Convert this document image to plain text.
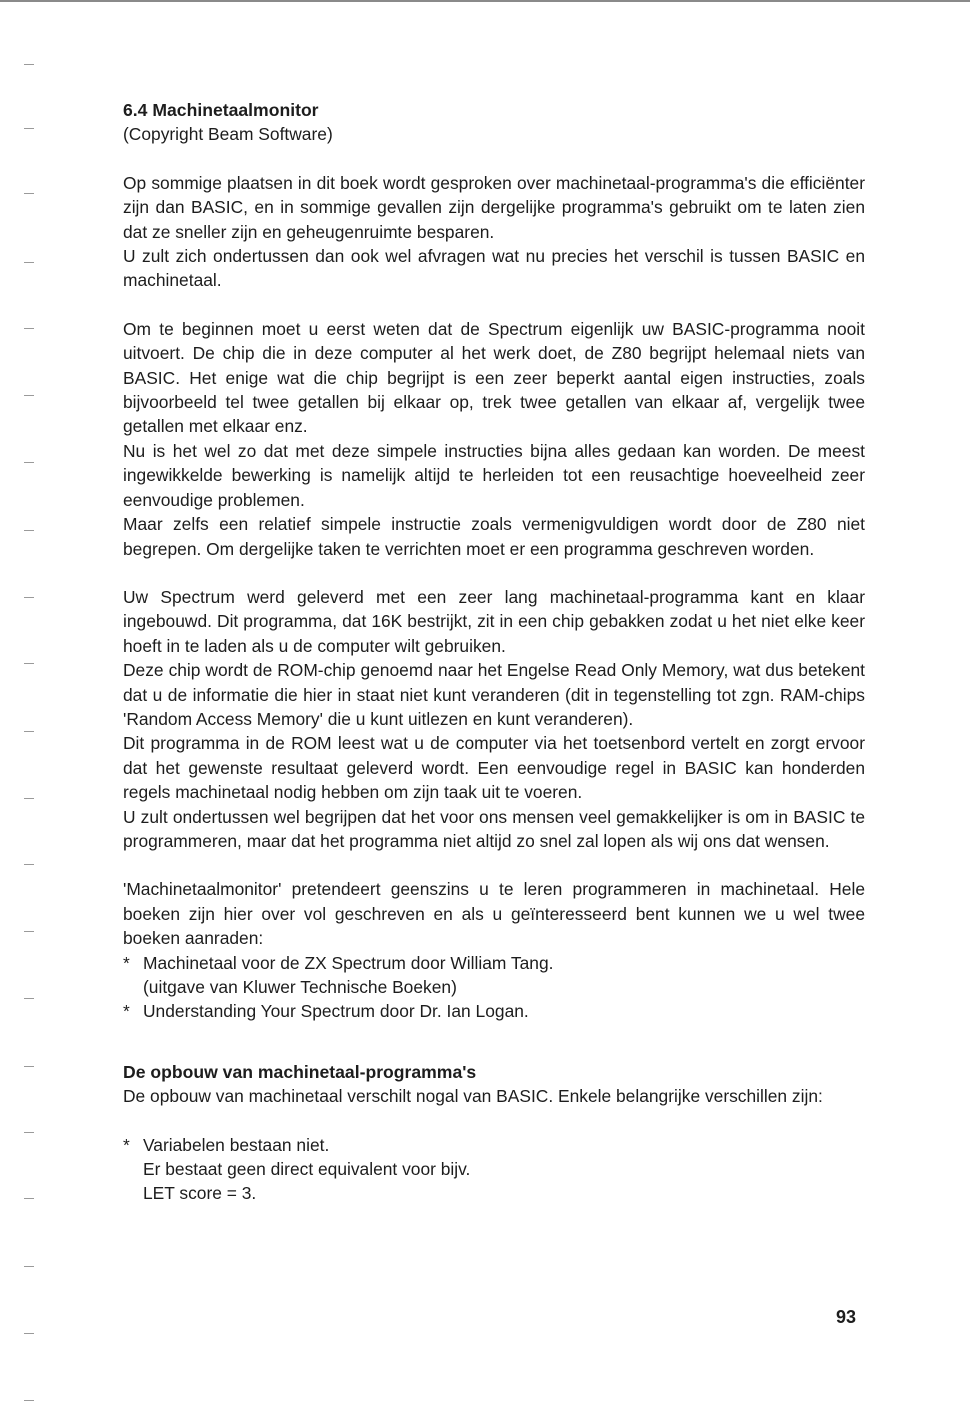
6.4 Machinetaalmonitor

(Copyright Beam Software)

Op sommige plaatsen in dit boek wordt gesproken over machinetaal-programma's die efficiënter zijn dan BASIC, en in sommige gevallen zijn dergelijke programma's gebruikt om te laten zien dat ze sneller zijn en geheugenruimte besparen.

U zult zich ondertussen dan ook wel afvragen wat nu precies het verschil is tussen BASIC en machinetaal.

Om te beginnen moet u eerst weten dat de Spectrum eigenlijk uw BASIC-programma nooit uitvoert. De chip die in deze computer al het werk doet, de Z80 begrijpt helemaal niets van BASIC. Het enige wat die chip begrijpt is een zeer beperkt aantal eigen instructies, zoals bijvoorbeeld tel twee getallen bij elkaar op, trek twee getallen van elkaar af, vergelijk twee getallen met elkaar enz.

Nu is het wel zo dat met deze simpele instructies bijna alles gedaan kan worden. De meest ingewikkelde bewerking is namelijk altijd te herleiden tot een reusachtige hoeveelheid zeer eenvoudige problemen.

Maar zelfs een relatief simpele instructie zoals vermenigvuldigen wordt door de Z80 niet begrepen. Om dergelijke taken te verrichten moet er een programma geschreven worden.

Uw Spectrum werd geleverd met een zeer lang machinetaal-programma kant en klaar ingebouwd. Dit programma, dat 16K bestrijkt, zit in een chip gebakken zodat u het niet elke keer hoeft in te laden als u de computer wilt gebruiken.

Deze chip wordt de ROM-chip genoemd naar het Engelse Read Only Memory, wat dus betekent dat u de informatie die hier in staat niet kunt veranderen (dit in tegenstelling tot zgn. RAM-chips 'Random Access Memory' die u kunt uitlezen en kunt veranderen).

Dit programma in de ROM leest wat u de computer via het toetsenbord vertelt en zorgt ervoor dat het gewenste resultaat geleverd wordt. Een eenvoudige regel in BASIC kan honderden regels machinetaal nodig hebben om zijn taak uit te voeren.

U zult ondertussen wel begrijpen dat het voor ons mensen veel gemakkelijker is om in BASIC te programmeren, maar dat het programma niet altijd zo snel zal lopen als wij ons dat wensen.

'Machinetaalmonitor' pretendeert geenszins u te leren programmeren in machinetaal. Hele boeken zijn hier over vol geschreven en als u geïnteresseerd bent kunnen we u wel twee boeken aanraden:

* Machinetaal voor de ZX Spectrum door William Tang.
(uitgave van Kluwer Technische Boeken)
* Understanding Your Spectrum door Dr. Ian Logan.

De opbouw van machinetaal-programma's

De opbouw van machinetaal verschilt nogal van BASIC. Enkele belangrijke verschillen zijn:

* Variabelen bestaan niet.
Er bestaat geen direct equivalent voor bijv.
LET score = 3.
93
